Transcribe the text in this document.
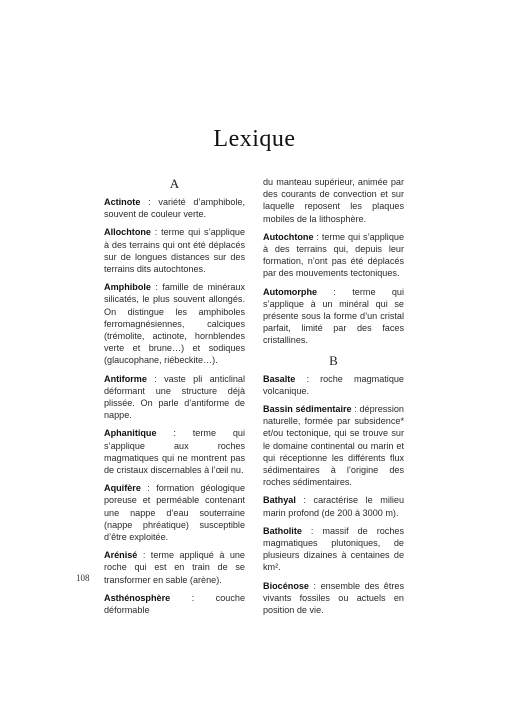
Lexique
A

Actinote : variété d’amphibole, souvent de couleur verte.

Allochtone : terme qui s’applique à des terrains qui ont été déplacés sur de longues distances sur des terrains dits autochtones.

Amphibole : famille de minéraux silicatés, le plus souvent allongés. On distingue les amphiboles ferromagnésiennes, calciques (trémolite, actinote, hornblendes verte et brune…) et sodiques (glaucophane, riébeckite…).

Antiforme : vaste pli anticlinal déformant une structure déjà plissée. On parle d’antiforme de nappe.

Aphanitique : terme qui s’applique aux roches magmatiques qui ne montrent pas de cristaux discernables à l’œil nu.

Aquifère : formation géologique poreuse et perméable contenant une nappe d’eau souterraine (nappe phréatique) susceptible d’être exploitée.

Arénisé : terme appliqué à une roche qui est en train de se transformer en sable (arène).

Asthénosphère : couche déformable

du manteau supérieur, animée par des courants de convection et sur laquelle reposent les plaques mobiles de la lithosphère.

Autochtone : terme qui s’applique à des terrains qui, depuis leur formation, n’ont pas été déplacés par des mouvements tectoniques.

Automorphe : terme qui s’applique à un minéral qui se présente sous la forme d’un cristal parfait, limité par des faces cristallines.

B

Basalte : roche magmatique volcanique.

Bassin sédimentaire : dépression naturelle, formée par subsidence* et/ou tectonique, qui se trouve sur le domaine continental ou marin et qui réceptionne les différents flux sédimentaires à l’origine des roches sédimentaires.

Bathyal : caractérise le milieu marin profond (de 200 à 3000 m).

Batholite : massif de roches magmatiques plutoniques, de plusieurs dizaines à centaines de km².

Biocénose : ensemble des êtres vivants fossiles ou actuels en position de vie.

108
